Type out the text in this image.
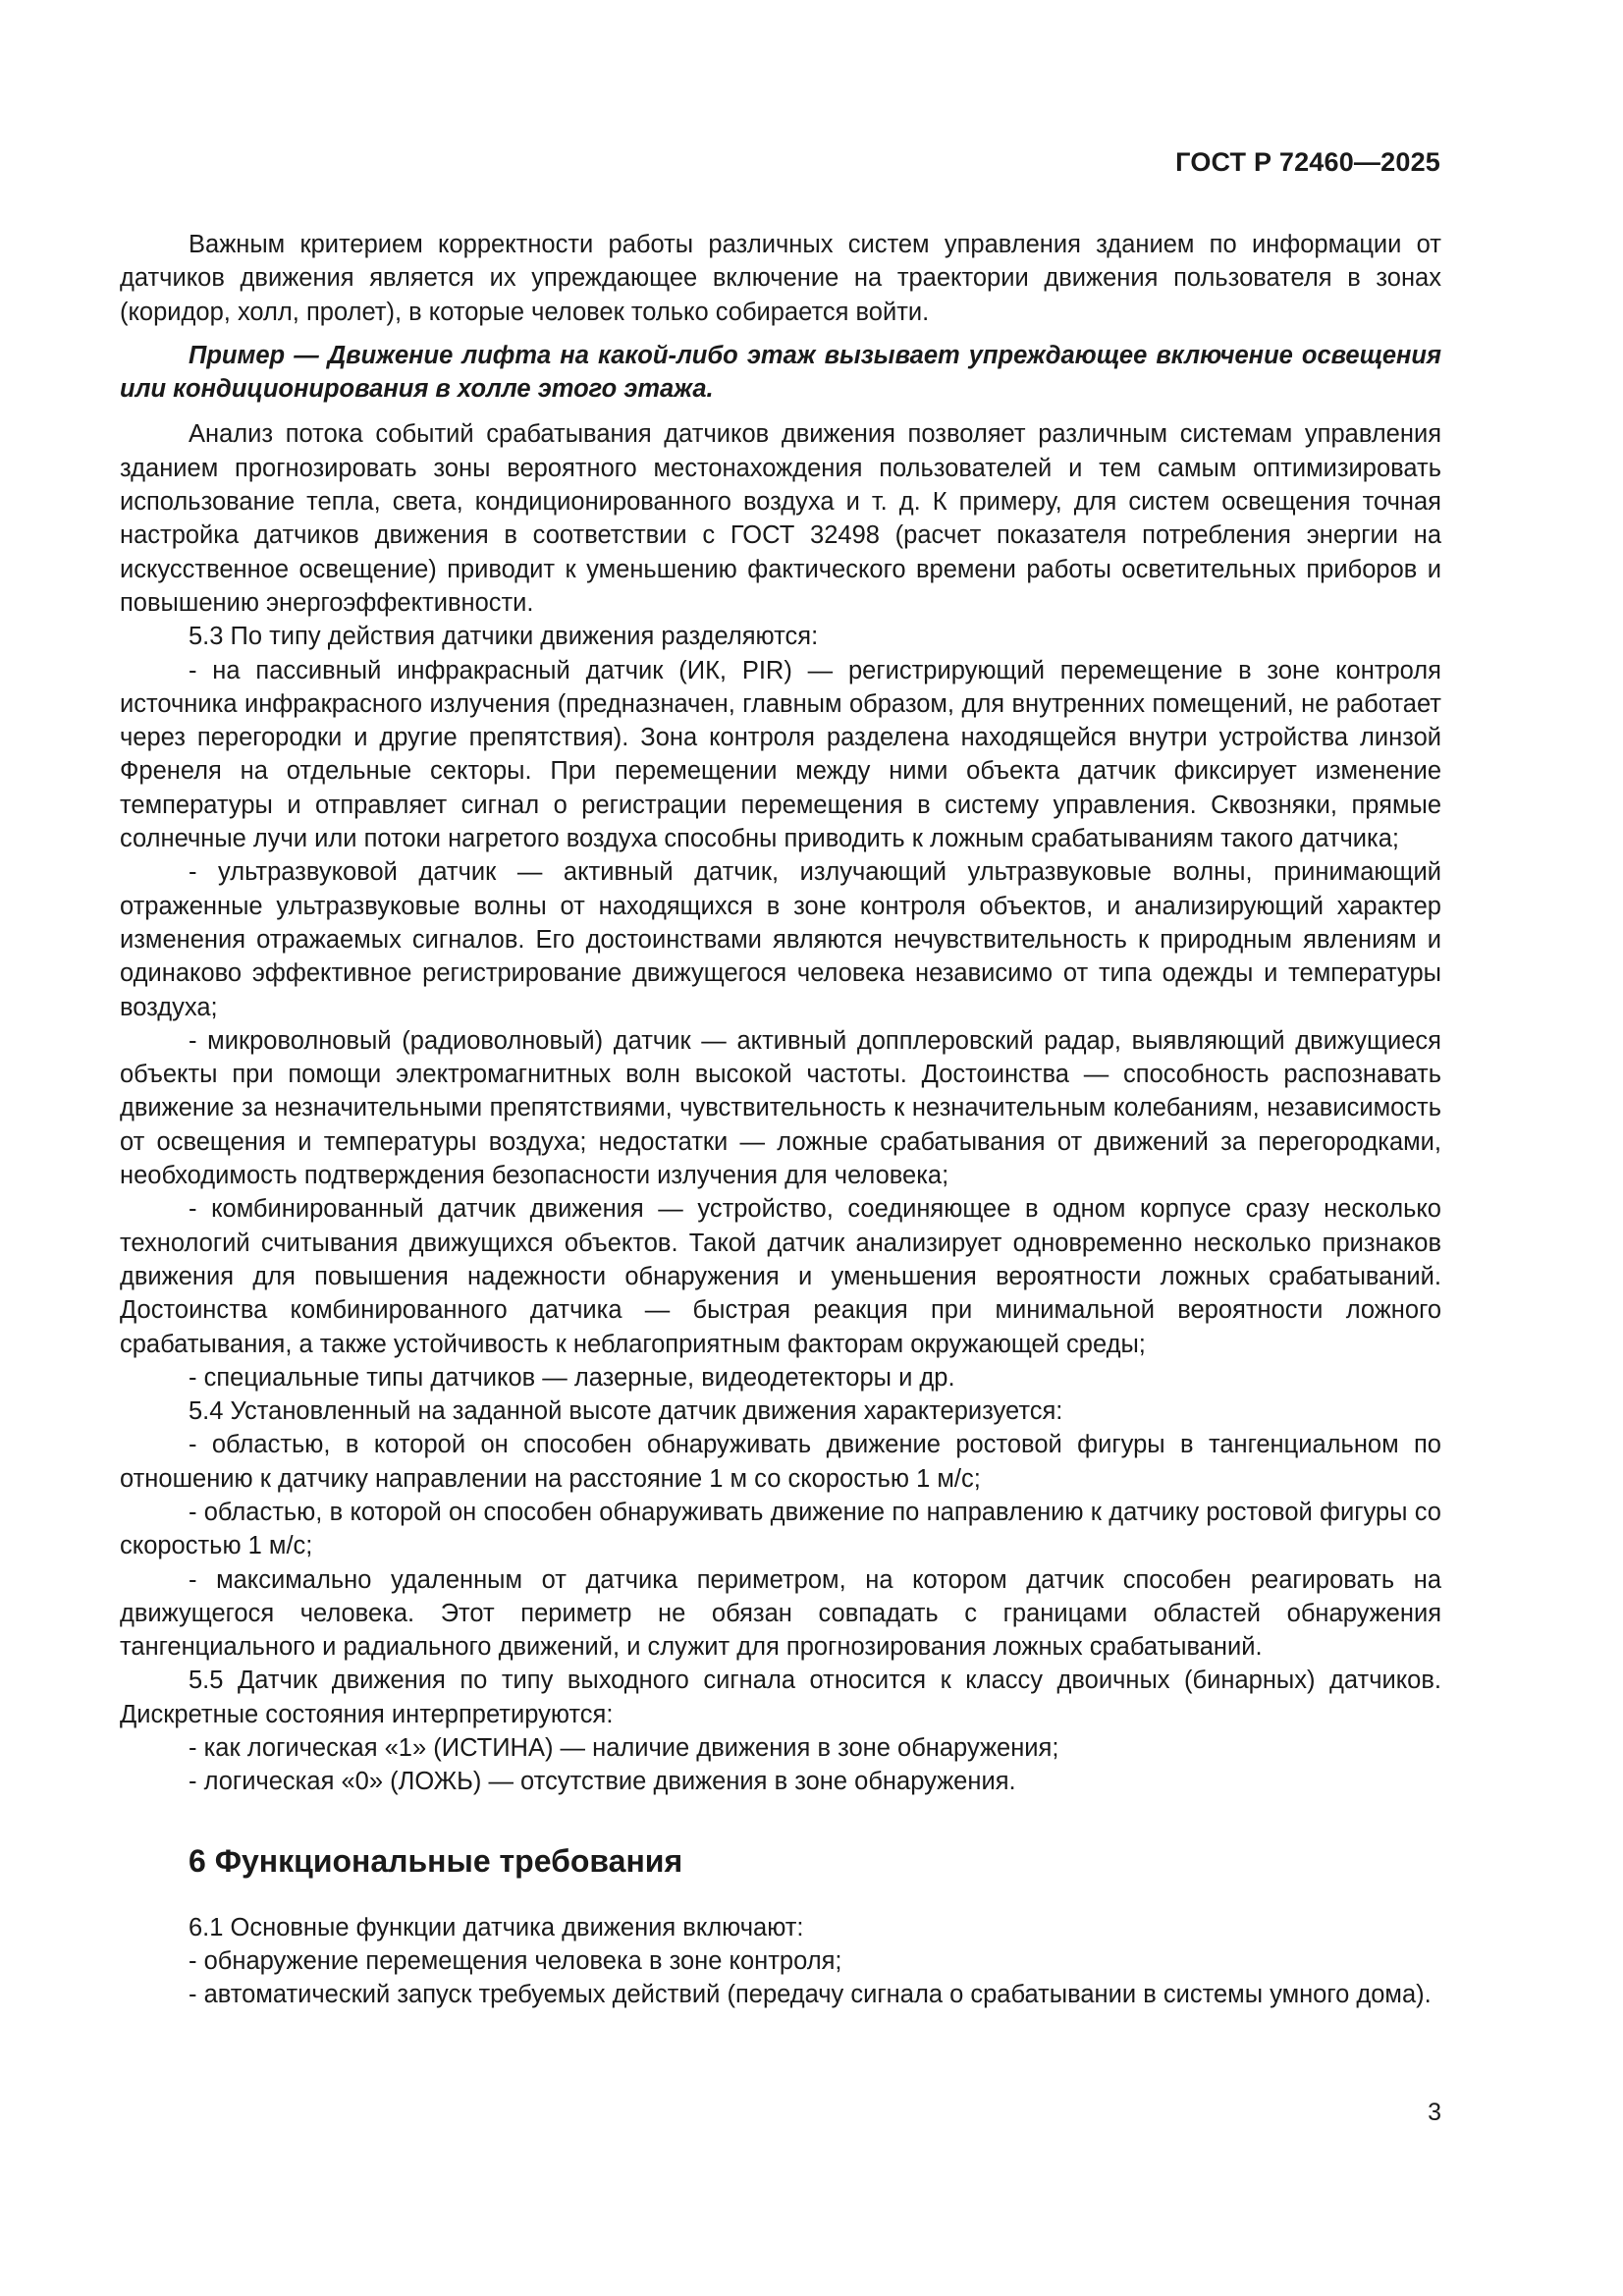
ГОСТ Р 72460—2025

Важным критерием корректности работы различных систем управления зданием по информации от датчиков движения является их упреждающее включение на траектории движения пользователя в зонах (коридор, холл, пролет), в которые человек только собирается войти.

Пример — Движение лифта на какой-либо этаж вызывает упреждающее включение освещения или кондиционирования в холле этого этажа.

Анализ потока событий срабатывания датчиков движения позволяет различным системам управления зданием прогнозировать зоны вероятного местонахождения пользователей и тем самым оптимизировать использование тепла, света, кондиционированного воздуха и т. д. К примеру, для систем освещения точная настройка датчиков движения в соответствии с ГОСТ 32498 (расчет показателя потребления энергии на искусственное освещение) приводит к уменьшению фактического времени работы осветительных приборов и повышению энергоэффективности.

5.3 По типу действия датчики движения разделяются:

- на пассивный инфракрасный датчик (ИК, PIR) — регистрирующий перемещение в зоне контроля источника инфракрасного излучения (предназначен, главным образом, для внутренних помещений, не работает через перегородки и другие препятствия). Зона контроля разделена находящейся внутри устройства линзой Френеля на отдельные секторы. При перемещении между ними объекта датчик фиксирует изменение температуры и отправляет сигнал о регистрации перемещения в систему управления. Сквозняки, прямые солнечные лучи или потоки нагретого воздуха способны приводить к ложным срабатываниям такого датчика;

- ультразвуковой датчик — активный датчик, излучающий ультразвуковые волны, принимающий отраженные ультразвуковые волны от находящихся в зоне контроля объектов, и анализирующий характер изменения отражаемых сигналов. Его достоинствами являются нечувствительность к природным явлениям и одинаково эффективное регистрирование движущегося человека независимо от типа одежды и температуры воздуха;

- микроволновый (радиоволновый) датчик — активный допплеровский радар, выявляющий движущиеся объекты при помощи электромагнитных волн высокой частоты. Достоинства — способность распознавать движение за незначительными препятствиями, чувствительность к незначительным колебаниям, независимость от освещения и температуры воздуха; недостатки — ложные срабатывания от движений за перегородками, необходимость подтверждения безопасности излучения для человека;

- комбинированный датчик движения — устройство, соединяющее в одном корпусе сразу несколько технологий считывания движущихся объектов. Такой датчик анализирует одновременно несколько признаков движения для повышения надежности обнаружения и уменьшения вероятности ложных срабатываний. Достоинства комбинированного датчика — быстрая реакция при минимальной вероятности ложного срабатывания, а также устойчивость к неблагоприятным факторам окружающей среды;

- специальные типы датчиков — лазерные, видеодетекторы и др.

5.4 Установленный на заданной высоте датчик движения характеризуется:

- областью, в которой он способен обнаруживать движение ростовой фигуры в тангенциальном по отношению к датчику направлении на расстояние 1 м со скоростью 1 м/с;

- областью, в которой он способен обнаруживать движение по направлению к датчику ростовой фигуры со скоростью 1 м/с;

- максимально удаленным от датчика периметром, на котором датчик способен реагировать на движущегося человека. Этот периметр не обязан совпадать с границами областей обнаружения тангенциального и радиального движений, и служит для прогнозирования ложных срабатываний.

5.5 Датчик движения по типу выходного сигнала относится к классу двоичных (бинарных) датчиков. Дискретные состояния интерпретируются:

- как логическая «1» (ИСТИНА) — наличие движения в зоне обнаружения;

- логическая «0» (ЛОЖЬ) — отсутствие движения в зоне обнаружения.

6 Функциональные требования

6.1 Основные функции датчика движения включают:

- обнаружение перемещения человека в зоне контроля;

- автоматический запуск требуемых действий (передачу сигнала о срабатывании в системы умного дома).

3
